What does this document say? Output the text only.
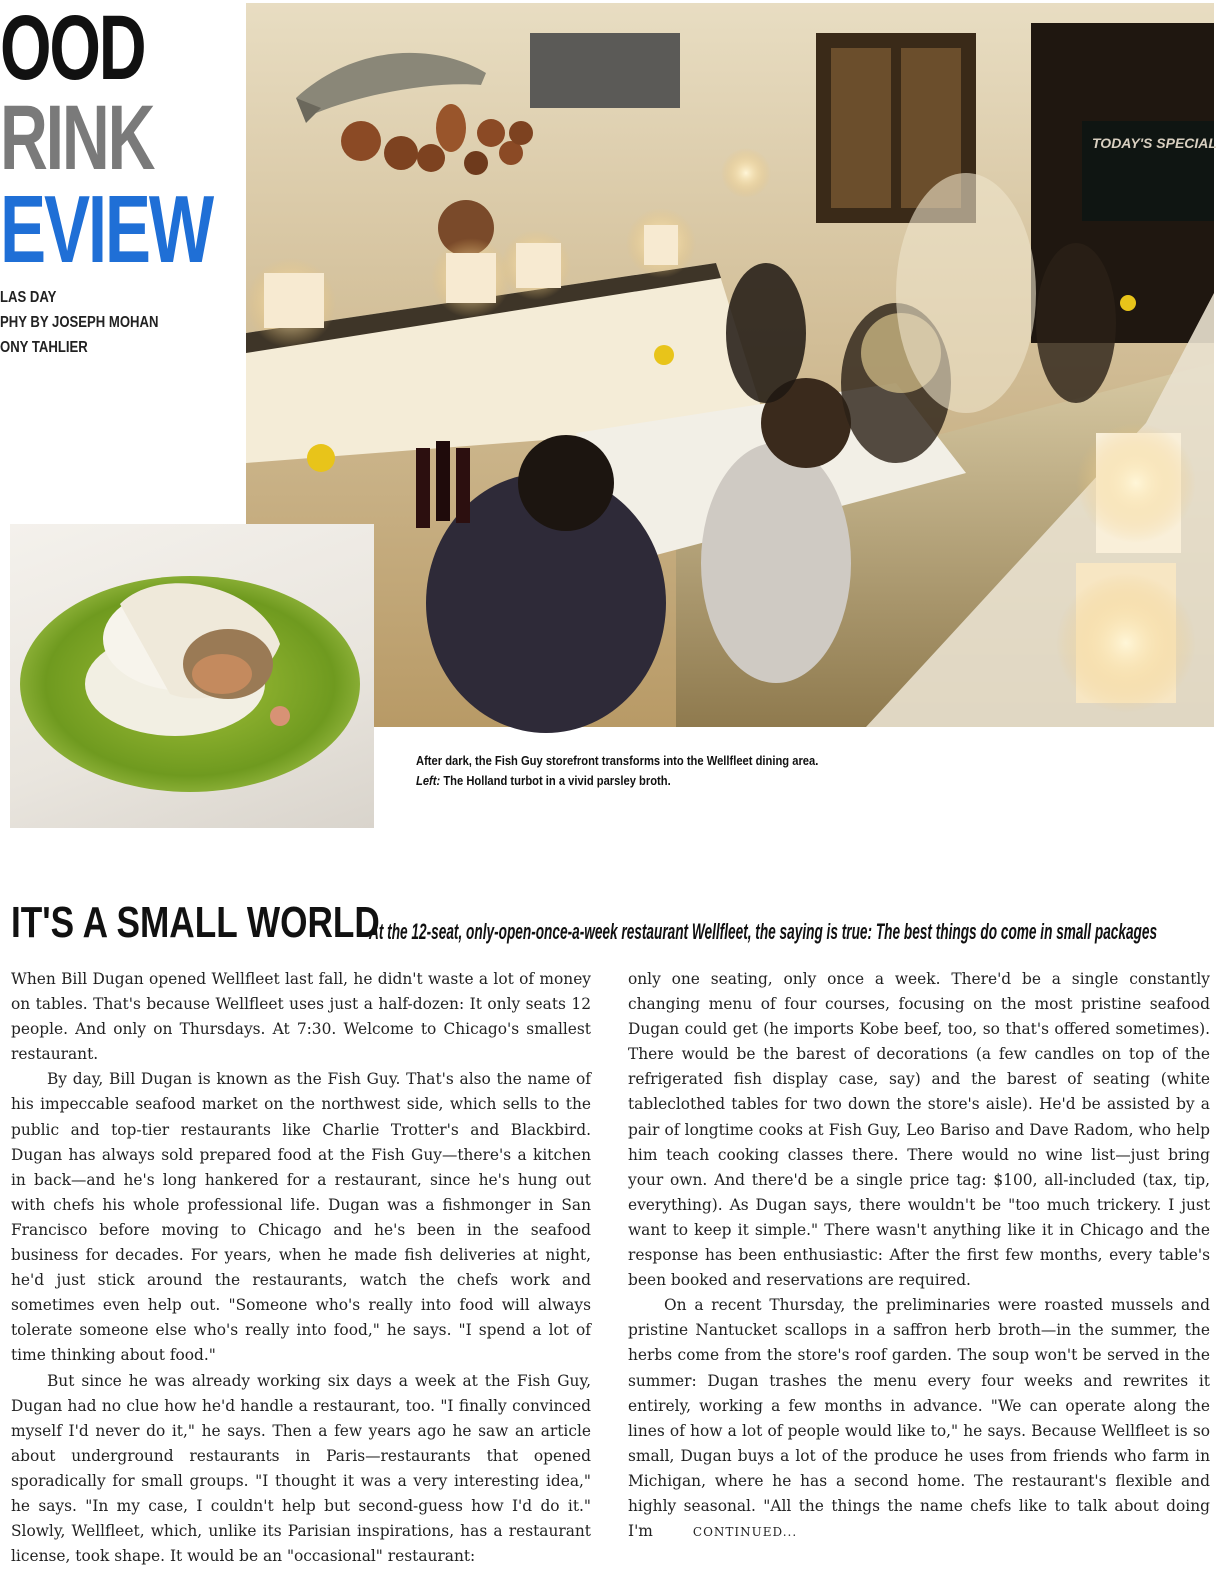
OOD
RINK
EVIEW
LAS DAY
PHY BY JOSEPH MOHAN
ONY TAHLIER
TODAY'S SPECIAL
After dark, the Fish Guy storefront transforms into the Wellfleet dining area.
Left: The Holland turbot in a vivid parsley broth.
IT'S A SMALL WORLD
At the 12-seat, only-open-once-a-week restaurant Wellfleet, the saying is true: The best things do come in small packages

When Bill Dugan opened Wellfleet last fall, he didn't waste a lot of money on tables. That's because Wellfleet uses just a half-dozen: It only seats 12 people. And only on Thursdays. At 7:30. Welcome to Chicago's smallest restaurant.

By day, Bill Dugan is known as the Fish Guy. That's also the name of his impeccable seafood market on the northwest side, which sells to the public and top-tier restaurants like Charlie Trotter's and Blackbird. Dugan has always sold prepared food at the Fish Guy—there's a kitchen in back—and he's long hankered for a restaurant, since he's hung out with chefs his whole professional life. Dugan was a fishmonger in San Francisco before moving to Chicago and he's been in the seafood business for decades. For years, when he made fish deliveries at night, he'd just stick around the restaurants, watch the chefs work and sometimes even help out. "Someone who's really into food will always tolerate someone else who's really into food," he says. "I spend a lot of time thinking about food."

But since he was already working six days a week at the Fish Guy, Dugan had no clue how he'd handle a restaurant, too. "I finally convinced myself I'd never do it," he says. Then a few years ago he saw an article about underground restaurants in Paris—restaurants that opened sporadically for small groups. "I thought it was a very interesting idea," he says. "In my case, I couldn't help but second-guess how I'd do it." Slowly, Wellfleet, which, unlike its Parisian inspirations, has a restaurant license, took shape. It would be an "occasional" restaurant:

only one seating, only once a week. There'd be a single constantly changing menu of four courses, focusing on the most pristine seafood Dugan could get (he imports Kobe beef, too, so that's offered sometimes). There would be the barest of decorations (a few candles on top of the refrigerated fish display case, say) and the barest of seating (white tableclothed tables for two down the store's aisle). He'd be assisted by a pair of longtime cooks at Fish Guy, Leo Bariso and Dave Radom, who help him teach cooking classes there. There would no wine list—just bring your own. And there'd be a single price tag: $100, all-included (tax, tip, everything). As Dugan says, there wouldn't be "too much trickery. I just want to keep it simple." There wasn't anything like it in Chicago and the response has been enthusiastic: After the first few months, every table's been booked and reservations are required.

On a recent Thursday, the preliminaries were roasted mussels and pristine Nantucket scallops in a saffron herb broth—in the summer, the herbs come from the store's roof garden. The soup won't be served in the summer: Dugan trashes the menu every four weeks and rewrites it entirely, working a few months in advance. "We can operate along the lines of how a lot of people would like to," he says. Because Wellfleet is so small, Dugan buys a lot of the produce he uses from friends who farm in Michigan, where he has a second home. The restaurant's flexible and highly seasonal. "All the things the name chefs like to talk about doing I'm	CONTINUED...
